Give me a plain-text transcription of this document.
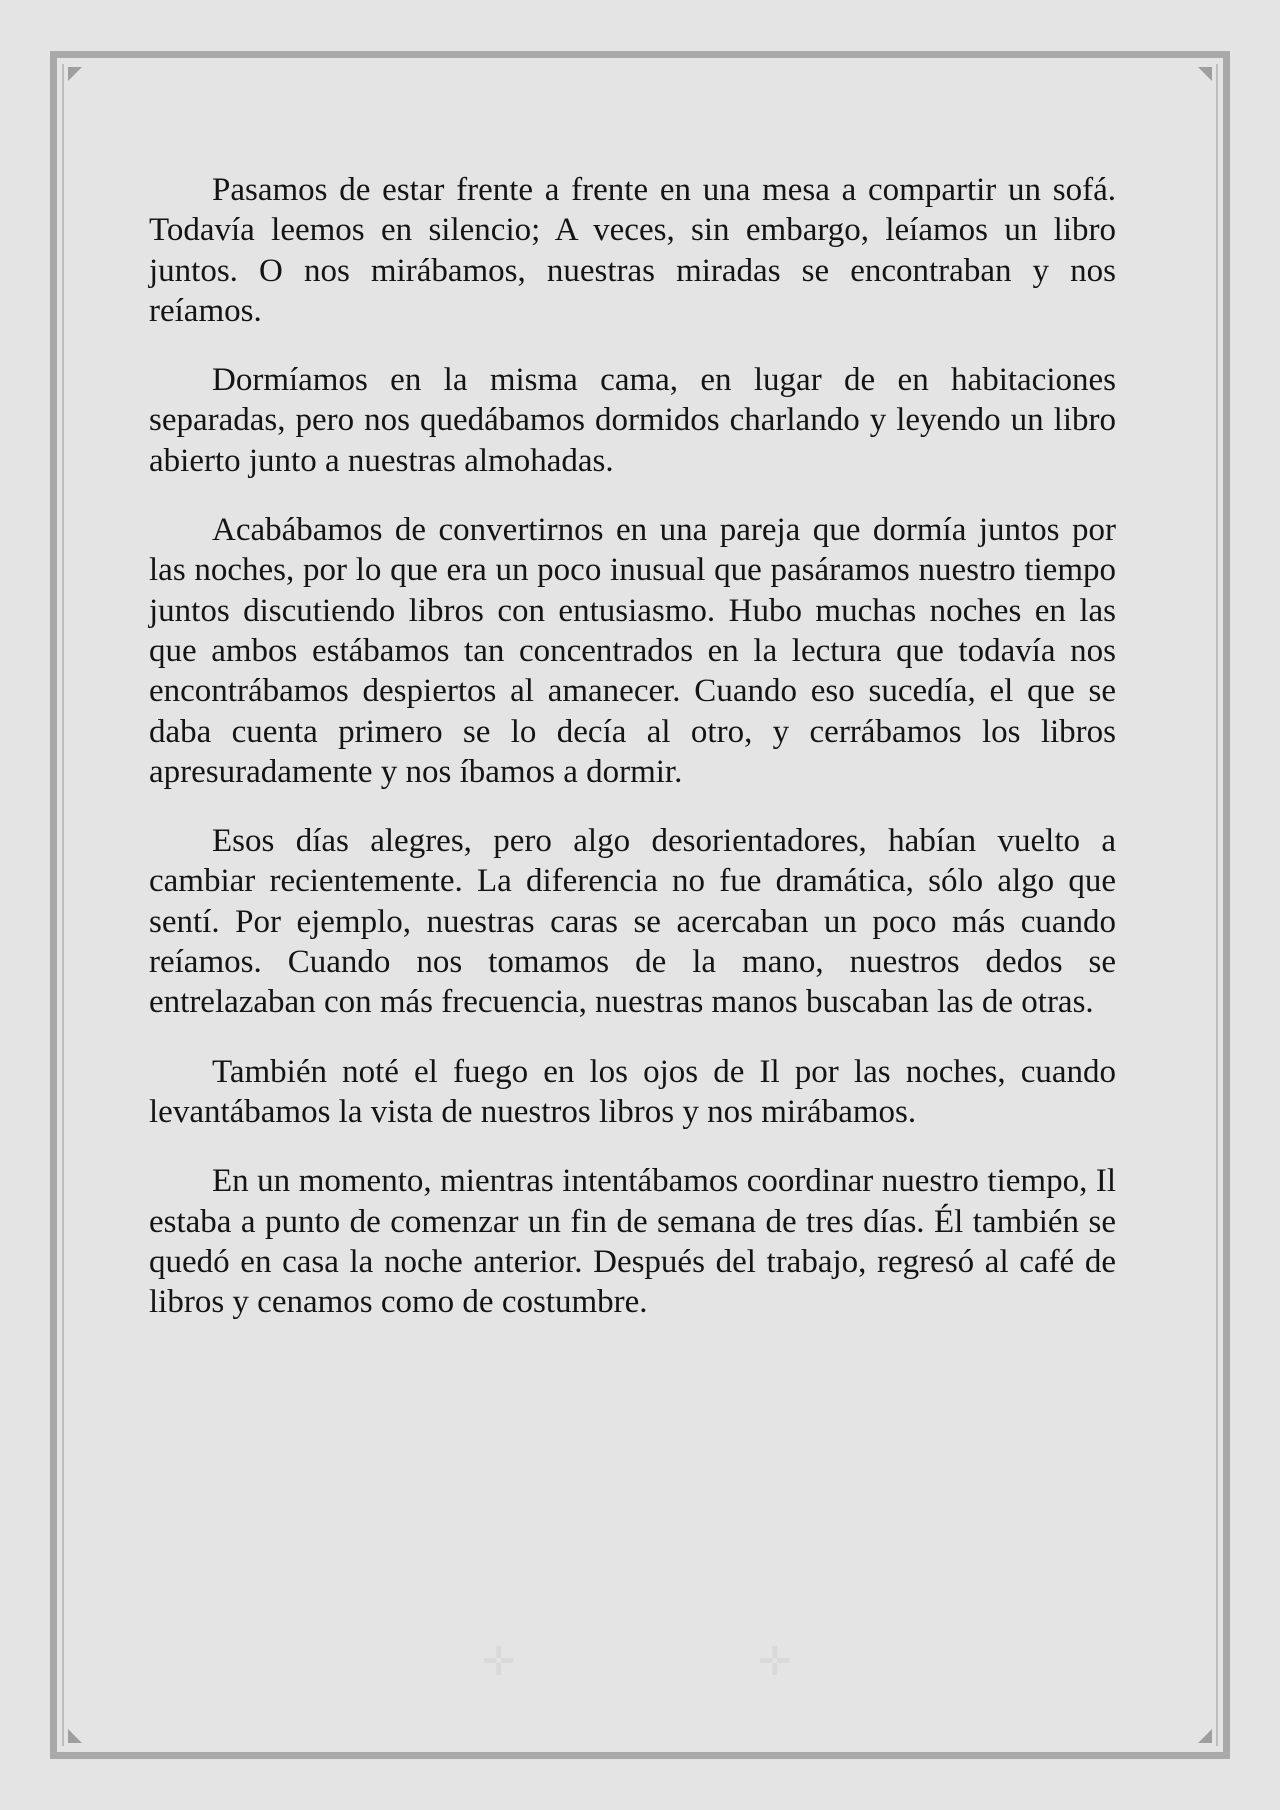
✛	✛

Pasamos de estar frente a frente en una mesa a compartir un sofá. Todavía leemos en silencio; A veces, sin embargo, leíamos un libro juntos. O nos mirábamos, nuestras miradas se encontraban y nos reíamos.

Dormíamos en la misma cama, en lugar de en habitaciones separadas, pero nos quedábamos dormidos charlando y leyendo un libro abierto junto a nuestras almohadas.

Acabábamos de convertirnos en una pareja que dormía juntos por las noches, por lo que era un poco inusual que pasáramos nuestro tiempo juntos discutiendo libros con entusiasmo. Hubo muchas noches en las que ambos estábamos tan concentrados en la lectura que todavía nos encontrábamos despiertos al amanecer. Cuando eso sucedía, el que se daba cuenta primero se lo decía al otro, y cerrábamos los libros apresuradamente y nos íbamos a dormir.

Esos días alegres, pero algo desorientadores, habían vuelto a cambiar recientemente. La diferencia no fue dramática, sólo algo que sentí. Por ejemplo, nuestras caras se acercaban un poco más cuando reíamos. Cuando nos tomamos de la mano, nuestros dedos se entrelazaban con más frecuencia, nuestras manos buscaban las de otras.

También noté el fuego en los ojos de Il por las noches, cuando levantábamos la vista de nuestros libros y nos mirábamos.

En un momento, mientras intentábamos coordinar nuestro tiempo, Il estaba a punto de comenzar un fin de semana de tres días. Él también se quedó en casa la noche anterior. Después del trabajo, regresó al café de libros y cenamos como de costumbre.
